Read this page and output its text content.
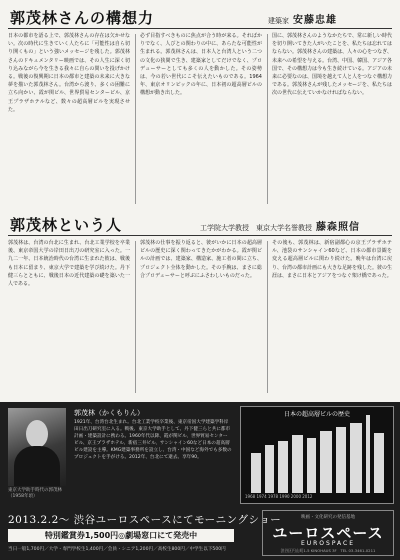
郭茂林さんの構想力	建築家 安藤忠雄
日本の都市を語る上で、郭茂林さんの存在は欠かせない。次の時代に生きていく人たちに「可能性は自ら切り開くもの」という強いメッセージを残した。郭茂林さんのドキュメンタリー映画では、その人生に深く切り込みながら今を生きる我々に自らの問いを投げかける。戦後の復興期に日本の都市と建築の未来に大きな夢を描いた郭茂林さん。台湾から渡り、多くの困難に立ち向かい、霞が関ビル、世界貿易センタービル、京王プラザホテルなど、数々の超高層ビルを実現させた。
必ず目指すべきものに焦点が合う時が来る。そればかりでなく、人びとの関わりの中に、あらたな可能性が生まれる。郭茂林さんは、日本人と台湾人という二つの文化の狭間で生き、建築家としてだけでなく、プロデューサーとしても多くの人を動かした。その姿勢は、今の若い世代にこそ伝えたいものである。1964年、東京オリンピックの年に、日本初の超高層ビルの構想が動き出した。
国に、郭茂林さんのようなかたちで、常に新しい時代を切り開いてきた人がいたことを、私たちは忘れてはならない。郭茂林さんの建築は、人々の心をつなぎ、未来への希望を与える。台湾、中国、韓国、アジア各国で、その構想力は今も生き続けている。アジアの未来に必要なのは、国境を越えて人と人をつなぐ構想力である。郭茂林さんが残したメッセージを、私たちは次の世代に伝えていかなければならない。
郭茂林という人	工学院大学教授　東京大学名誉教授 藤森照信
郭茂林は、台湾の台北に生まれ、台北工業学校を卒業後、東京帝国大学の岸田日出刀の研究室に入った。一九二一年、日本統治時代の台湾に生まれた彼は、戦後も日本に留まり、東京大学で建築を学び続けた。丹下健三らとともに、戦後日本の近代建築の礎を築いた一人である。
郭茂林の仕事を振り返ると、彼がいかに日本の超高層ビルの歴史に深く関わってきたかがわかる。霞が関ビルの計画では、建築家、構造家、施工者の間に立ち、プロジェクト全体を動かした。その手腕は、まさに総合プロデューサーと呼ぶにふさわしいものだった。
その後も、郭茂林は、新宿副都心の京王プラザホテル、池袋のサンシャイン60など、日本の都市景観を変える超高層ビルに関わり続けた。晩年は台湾に戻り、台湾の都市計画にも大きな足跡を残した。彼の生涯は、まさに日本とアジアをつなぐ架け橋であった。
東京大学助手時代の郭茂林（1958年頃）
郭茂林（かくもりん）
1921年、台湾台北生まれ。台北工業学校卒業後、東京帝国大学建築学科岸田日出刀研究室に入る。戦後、東京大学助手として、丹下健三らと共に都市計画・建築設計に携わる。1960年代以降、霞が関ビル、世界貿易センタービル、京王プラザホテル、新宿三井ビル、サンシャイン60など日本の超高層ビル建設を主導。KMG建築事務所を設立し、台湾・中国など海外でも多数のプロジェクトを手がける。2012年、台北にて逝去。享年90。
日本の超高層ビルの歴史
1968 1974 1978 1990 2000 2012
2013.2.2〜 渋谷ユーロスペースにてモーニングショー
特別鑑賞券1,500円◎劇場窓口にて発売中
当日一般1,700円／大学・専門学校生1,400円／会員・シニア1,200円／高校生800円／中学生以下500円
映画・文化研究の発信基地
ユーロスペース
EUROSPACE
渋谷区円山町1-5 KINOHAUS 3F　TEL 03-3461-0211
